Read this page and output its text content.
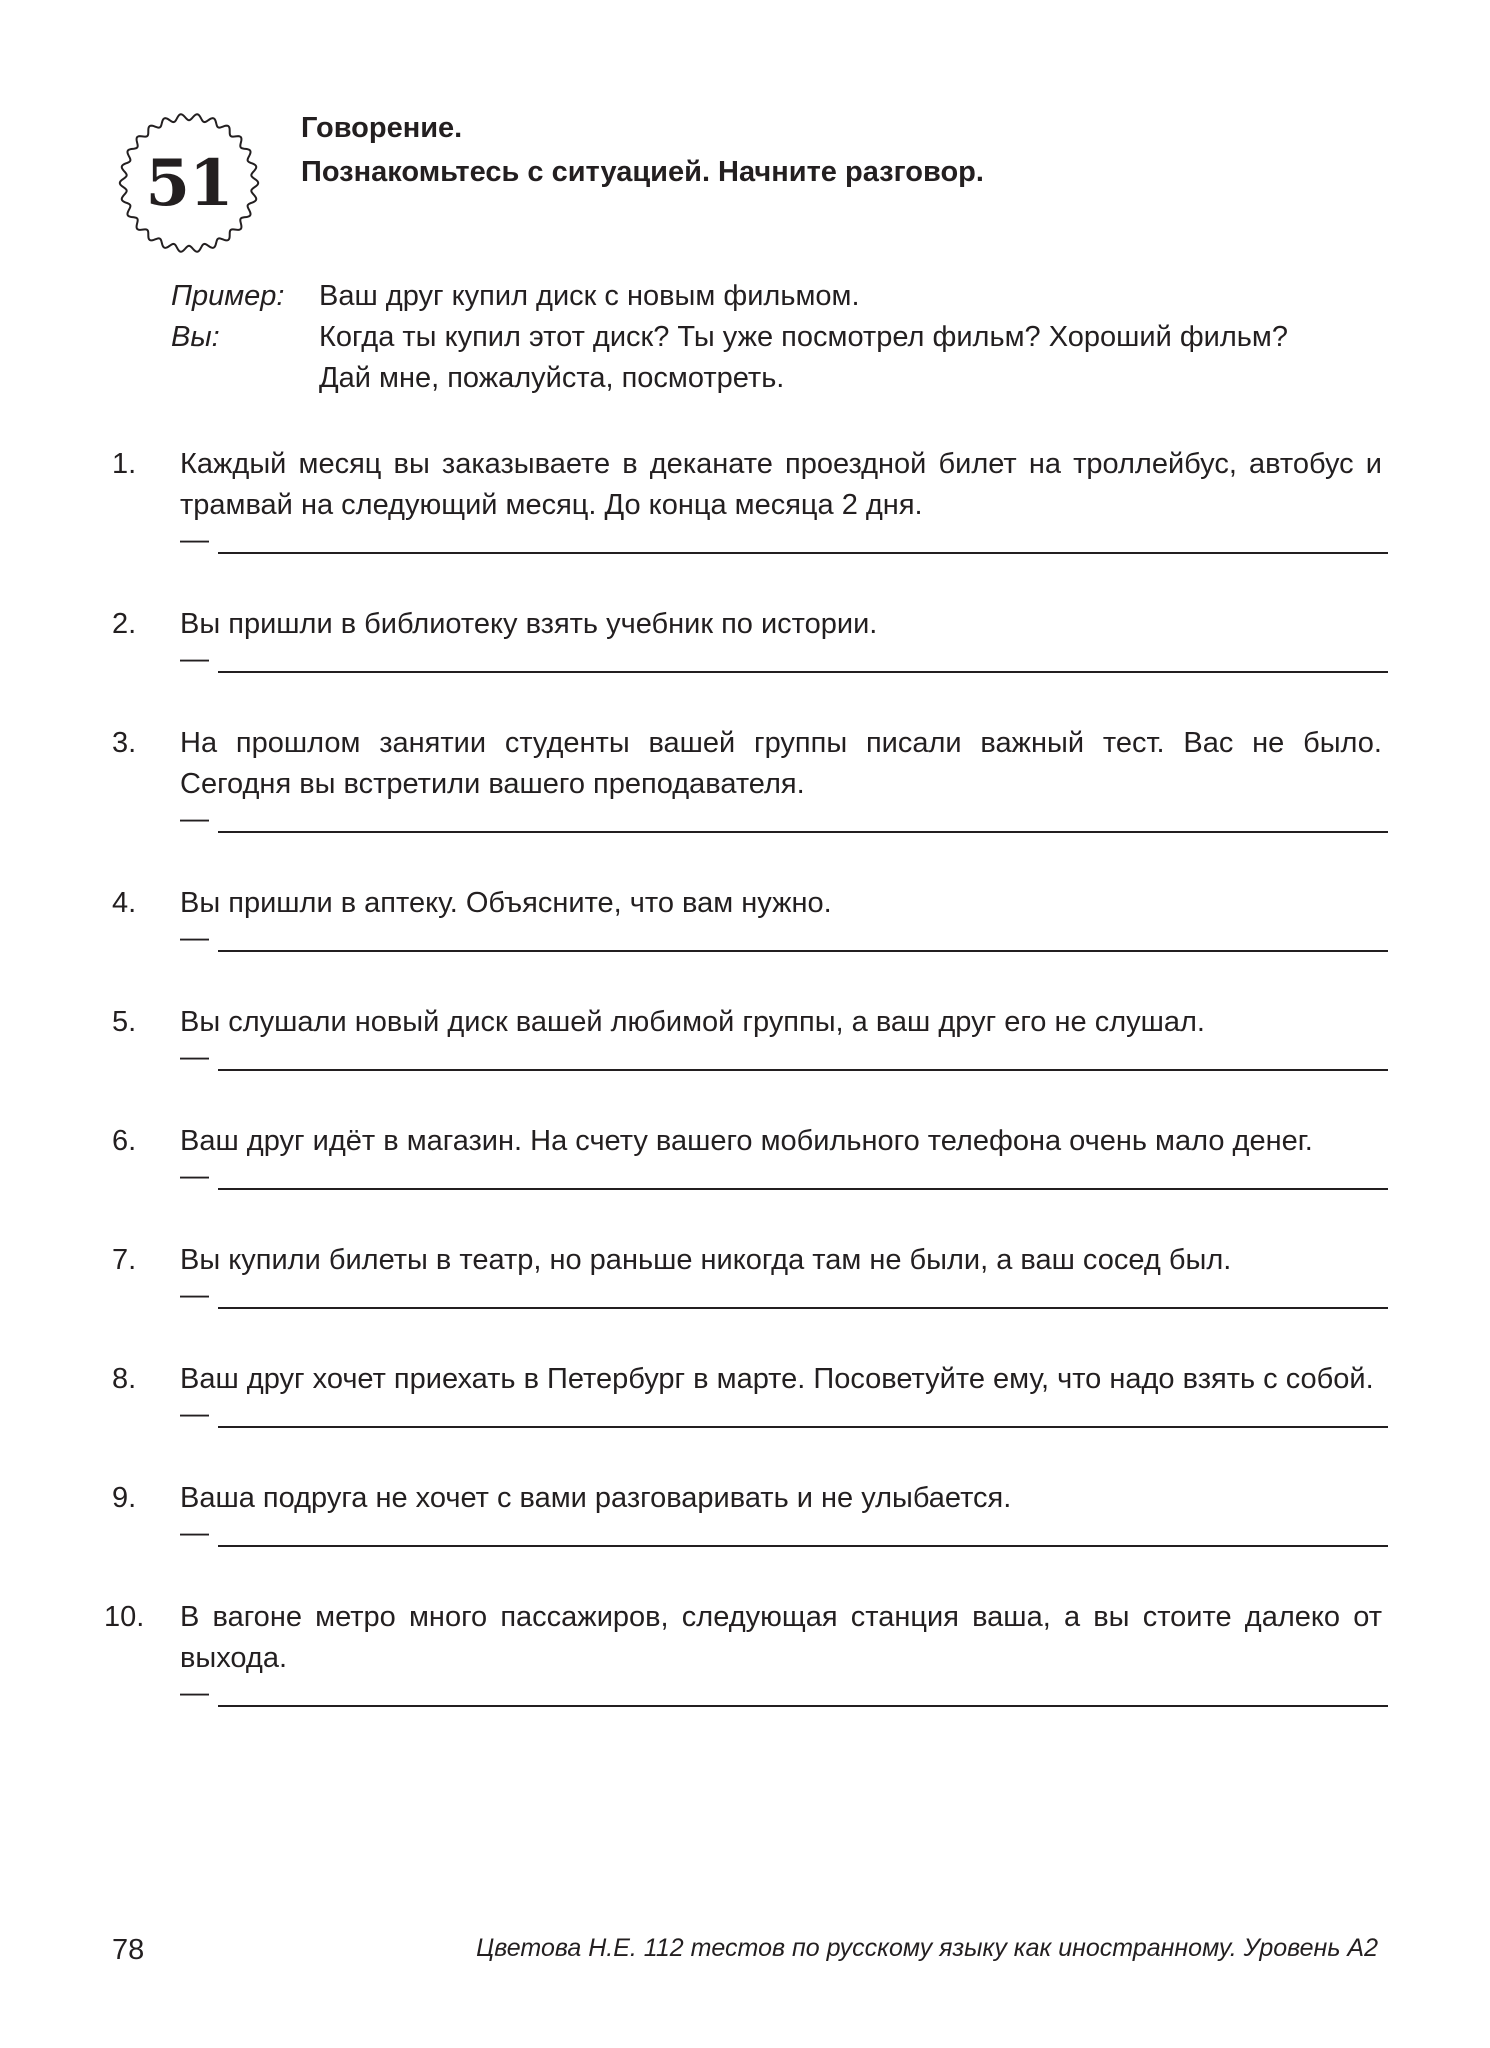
51
Говорение.
Познакомьтесь с ситуацией. Начните разговор.
Пример:	Ваш друг купил диск с новым фильмом.
Вы:	Когда ты купил этот диск? Ты уже посмотрел фильм? Хороший фильм?
Дай мне, пожалуйста, посмотреть.
1. Каждый месяц вы заказываете в деканате проездной билет на троллейбус, автобус и трамвай на следующий месяц. До конца месяца 2 дня.
—
2. Вы пришли в библиотеку взять учебник по истории.
—
3. На прошлом занятии студенты вашей группы писали важный тест. Вас не было. Сегодня вы встретили вашего преподавателя.
—
4. Вы пришли в аптеку. Объясните, что вам нужно.
—
5. Вы слушали новый диск вашей любимой группы, а ваш друг его не слушал.
—
6. Ваш друг идёт в магазин. На счету вашего мобильного телефона очень мало денег.
—
7. Вы купили билеты в театр, но раньше никогда там не были, а ваш сосед был.
—
8. Ваш друг хочет приехать в Петербург в марте. Посоветуйте ему, что надо взять с собой.
—
9. Ваша подруга не хочет с вами разговаривать и не улыбается.
—
10. В вагоне метро много пассажиров, следующая станция ваша, а вы стоите далеко от выхода.
—
78	Цветова Н.Е. 112 тестов по русскому языку как иностранному. Уровень А2
